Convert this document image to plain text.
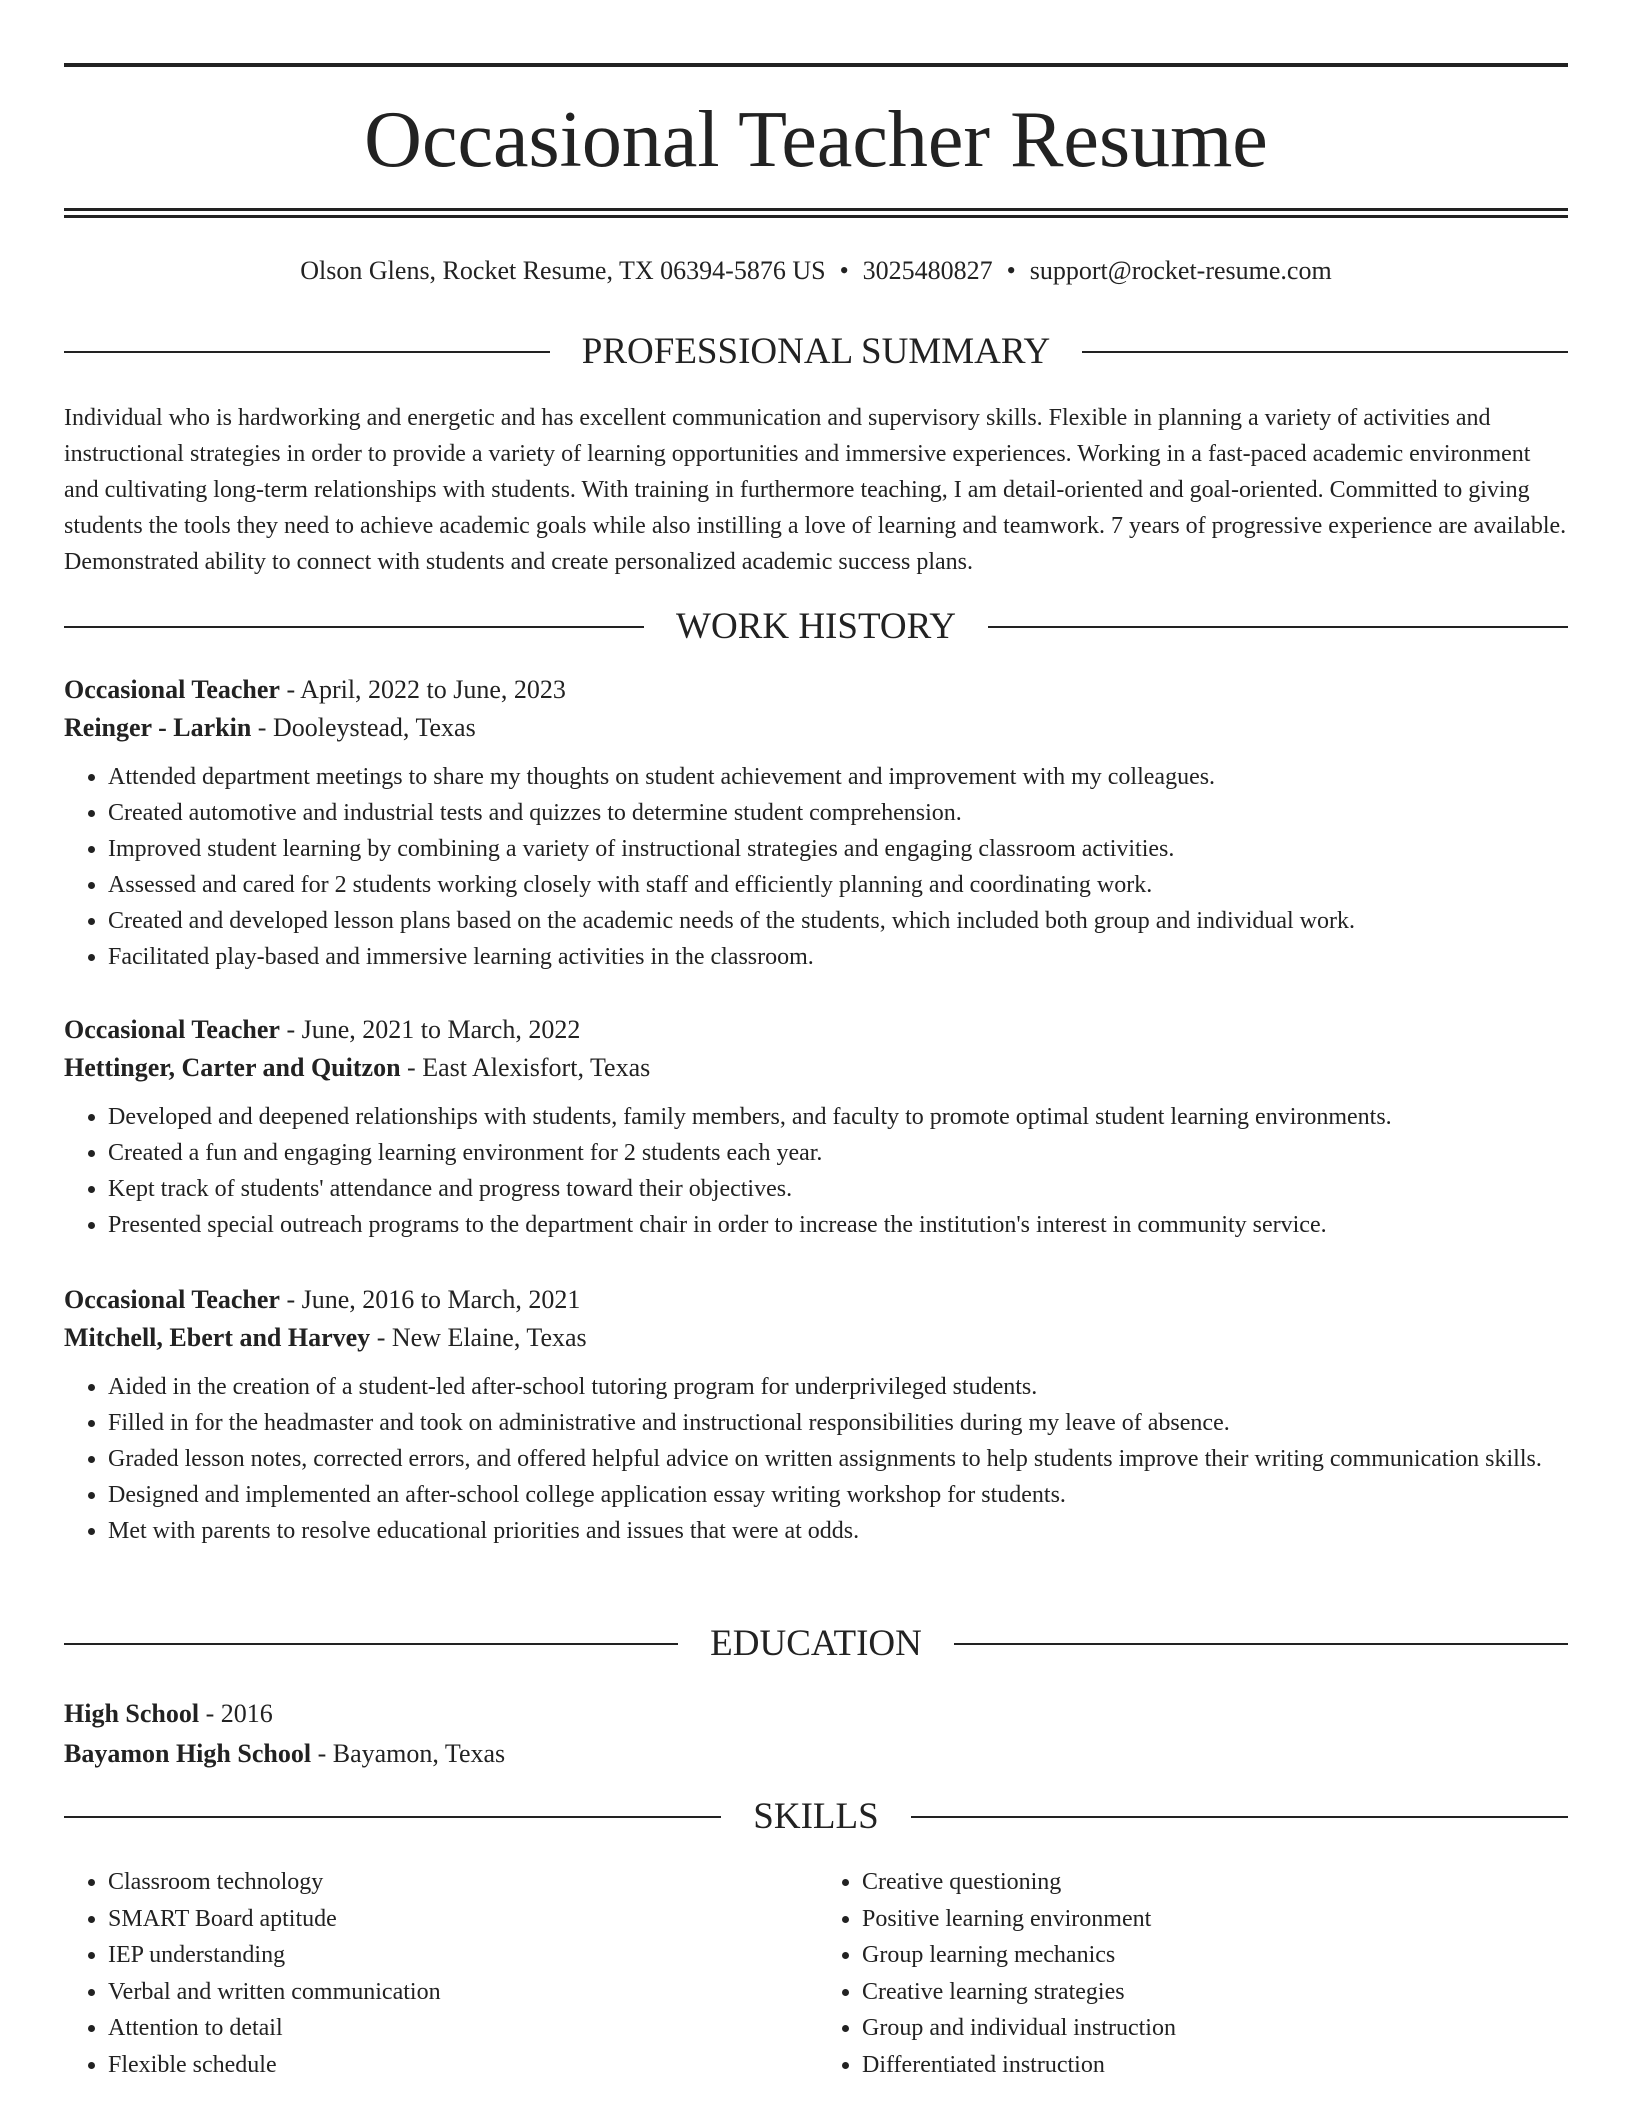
Occasional Teacher Resume
Olson Glens, Rocket Resume, TX 06394-5876 US • 3025480827 • support@rocket-resume.com
PROFESSIONAL SUMMARY

Individual who is hardworking and energetic and has excellent communication and supervisory skills. Flexible in planning a variety of activities and instructional strategies in order to provide a variety of learning opportunities and immersive experiences. Working in a fast-paced academic environment and cultivating long-term relationships with students. With training in furthermore teaching, I am detail-oriented and goal-oriented. Committed to giving students the tools they need to achieve academic goals while also instilling a love of learning and teamwork. 7 years of progressive experience are available. Demonstrated ability to connect with students and create personalized academic success plans.

WORK HISTORY
Occasional Teacher - April, 2022 to June, 2023
Reinger - Larkin - Dooleystead, Texas
• Attended department meetings to share my thoughts on student achievement and improvement with my colleagues.
• Created automotive and industrial tests and quizzes to determine student comprehension.
• Improved student learning by combining a variety of instructional strategies and engaging classroom activities.
• Assessed and cared for 2 students working closely with staff and efficiently planning and coordinating work.
• Created and developed lesson plans based on the academic needs of the students, which included both group and individual work.
• Facilitated play-based and immersive learning activities in the classroom.
Occasional Teacher - June, 2021 to March, 2022
Hettinger, Carter and Quitzon - East Alexisfort, Texas
• Developed and deepened relationships with students, family members, and faculty to promote optimal student learning environments.
• Created a fun and engaging learning environment for 2 students each year.
• Kept track of students' attendance and progress toward their objectives.
• Presented special outreach programs to the department chair in order to increase the institution's interest in community service.
Occasional Teacher - June, 2016 to March, 2021
Mitchell, Ebert and Harvey - New Elaine, Texas
• Aided in the creation of a student-led after-school tutoring program for underprivileged students.
• Filled in for the headmaster and took on administrative and instructional responsibilities during my leave of absence.
• Graded lesson notes, corrected errors, and offered helpful advice on written assignments to help students improve their writing communication skills.
• Designed and implemented an after-school college application essay writing workshop for students.
• Met with parents to resolve educational priorities and issues that were at odds.
EDUCATION
High School - 2016
Bayamon High School - Bayamon, Texas
SKILLS
• Classroom technology
• SMART Board aptitude
• IEP understanding
• Verbal and written communication
• Attention to detail
• Flexible schedule
• Creative questioning
• Positive learning environment
• Group learning mechanics
• Creative learning strategies
• Group and individual instruction
• Differentiated instruction
